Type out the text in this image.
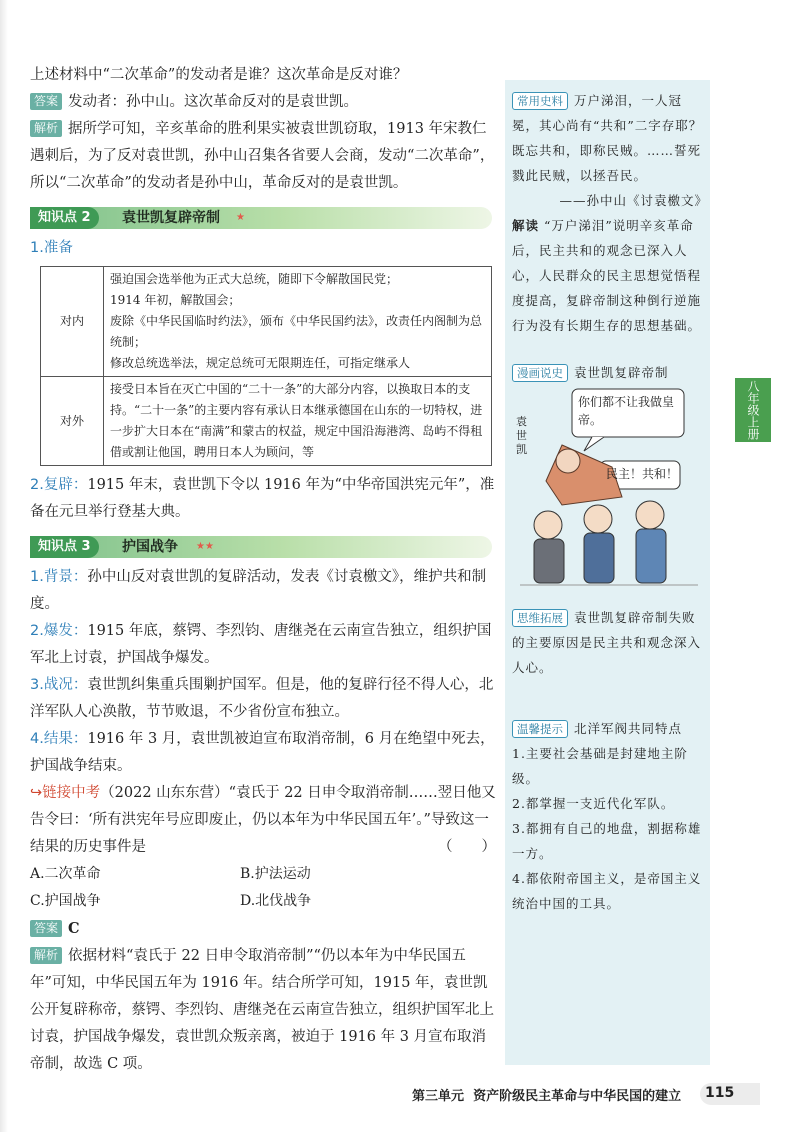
上述材料中“二次革命”的发动者是谁？这次革命是反对谁？

答案 发动者：孙中山。这次革命反对的是袁世凯。

解析 据所学可知，辛亥革命的胜利果实被袁世凯窃取，1913 年宋教仁遇刺后，为了反对袁世凯，孙中山召集各省要人会商，发动“二次革命”，所以“二次革命”的发动者是孙中山，革命反对的是袁世凯。

知识点 2	袁世凯复辟帝制 ★
1.准备
对内	强迫国会选举他为正式大总统，随即下令解散国民党；
1914 年初，解散国会；
废除《中华民国临时约法》，颁布《中华民国约法》，改责任内阁制为总统制；
修改总统选举法，规定总统可无限期连任，可指定继承人

对外	接受日本旨在灭亡中国的“二十一条”的大部分内容，以换取日本的支持。“二十一条”的主要内容有承认日本继承德国在山东的一切特权，进一步扩大日本在“南满”和蒙古的权益，规定中国沿海港湾、岛屿不得租借或割让他国，聘用日本人为顾问，等

2.复辟：1915 年末，袁世凯下令以 1916 年为“中华帝国洪宪元年”，准备在元旦举行登基大典。

知识点 3	护国战争 ★★

1.背景：孙中山反对袁世凯的复辟活动，发表《讨袁檄文》，维护共和制度。

2.爆发：1915 年底，蔡锷、李烈钧、唐继尧在云南宣告独立，组织护国军北上讨袁，护国战争爆发。

3.战况：袁世凯纠集重兵围剿护国军。但是，他的复辟行径不得人心，北洋军队人心涣散，节节败退，不少省份宣布独立。

4.结果：1916 年 3 月，袁世凯被迫宣布取消帝制，6 月在绝望中死去，护国战争结束。

↪链接中考（2022 山东东营）“袁氏于 22 日申令取消帝制……翌日他又告令曰：‘所有洪宪年号应即废止，仍以本年为中华民国五年’。”导致这一结果的历史事件是	（　　）

A.二次革命	B.护法运动
C.护国战争	D.北伐战争

答案 C

解析 依据材料“袁氏于 22 日申令取消帝制”“仍以本年为中华民国五年”可知，中华民国五年为 1916 年。结合所学可知，1915 年，袁世凯公开复辟称帝，蔡锷、李烈钧、唐继尧在云南宣告独立，组织护国军北上讨袁，护国战争爆发，袁世凯众叛亲离，被迫于 1916 年 3 月宣布取消帝制，故选 C 项。

常用史料 万户涕泪，一人冠冕，其心尚有“共和”二字存耶？既忘共和，即称民贼。……誓死戮此民贼，以拯吾民。

——孙中山《讨袁檄文》

解读 “万户涕泪”说明辛亥革命后，民主共和的观念已深入人心，人民群众的民主思想觉悟程度提高，复辟帝制这种倒行逆施行为没有长期生存的思想基础。

漫画说史 袁世凯复辟帝制

你们都不让我做皇帝。
民主！共和！
袁世凯

思维拓展 袁世凯复辟帝制失败的主要原因是民主共和观念深入人心。

温馨提示 北洋军阀共同特点

1.主要社会基础是封建地主阶级。

2.都掌握一支近代化军队。

3.都拥有自己的地盘，割据称雄一方。

4.都依附帝国主义，是帝国主义统治中国的工具。

八年级上册
第三单元 资产阶级民主革命与中华民国的建立 115
